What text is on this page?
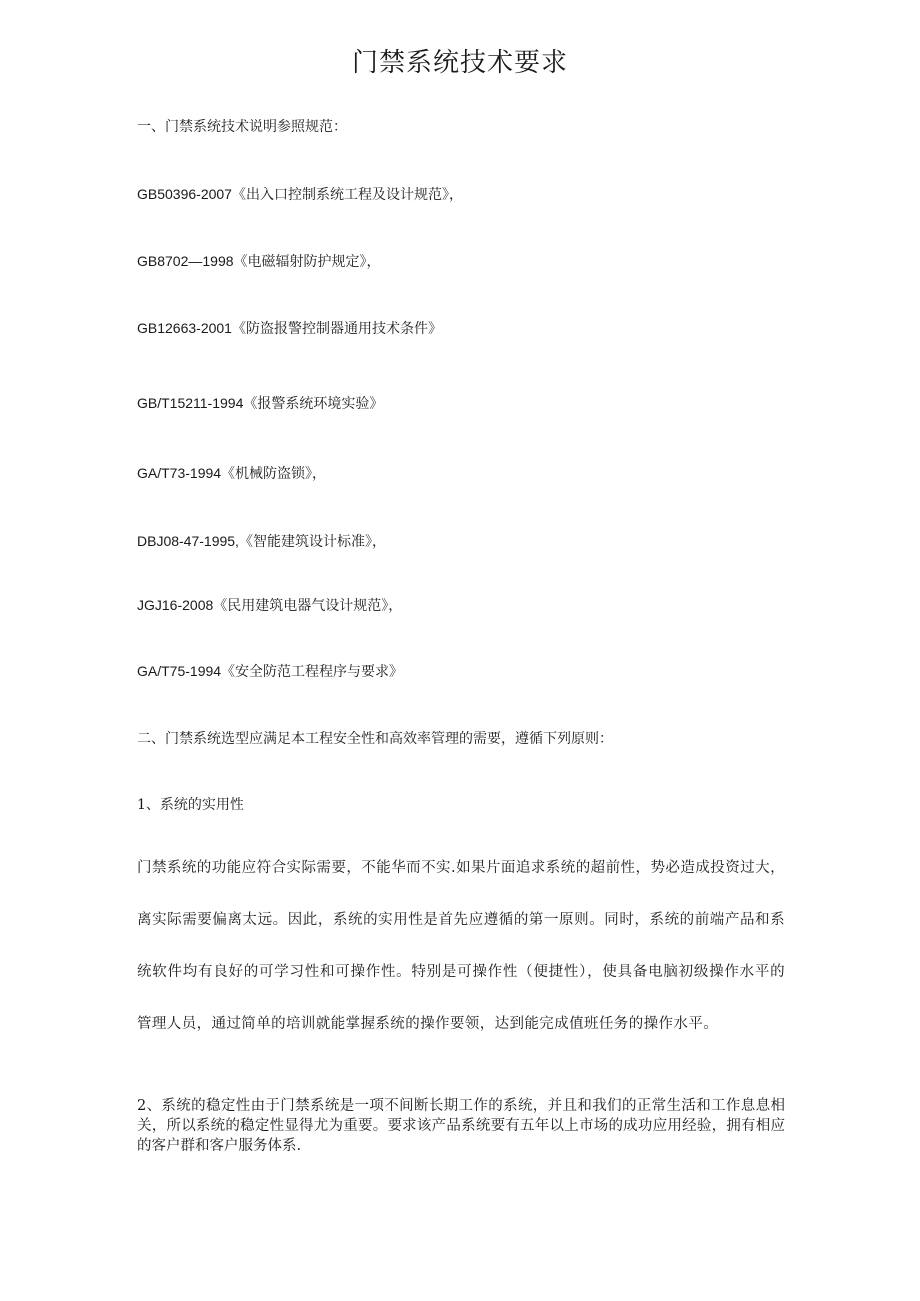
门禁系统技术要求
一、门禁系统技术说明参照规范：
GB50396-2007《出入口控制系统工程及设计规范》，
GB8702—1998《电磁辐射防护规定》，
GB12663-2001《防盗报警控制器通用技术条件》
GB/T15211-1994《报警系统环境实验》
GA/T73-1994《机械防盗锁》，
DBJ08-47-1995,《智能建筑设计标准》，
JGJ16-2008《民用建筑电器气设计规范》，
GA/T75-1994《安全防范工程程序与要求》
二、门禁系统选型应满足本工程安全性和高效率管理的需要，遵循下列原则：
1、系统的实用性
门禁系统的功能应符合实际需要，不能华而不实.如果片面追求系统的超前性，势必造成投资过大，离实际需要偏离太远。因此，系统的实用性是首先应遵循的第一原则。同时，系统的前端产品和系统软件均有良好的可学习性和可操作性。特别是可操作性（便捷性），使具备电脑初级操作水平的管理人员，通过简单的培训就能掌握系统的操作要领，达到能完成值班任务的操作水平。
2、系统的稳定性由于门禁系统是一项不间断长期工作的系统，并且和我们的正常生活和工作息息相关，所以系统的稳定性显得尤为重要。要求该产品系统要有五年以上市场的成功应用经验，拥有相应的客户群和客户服务体系.
